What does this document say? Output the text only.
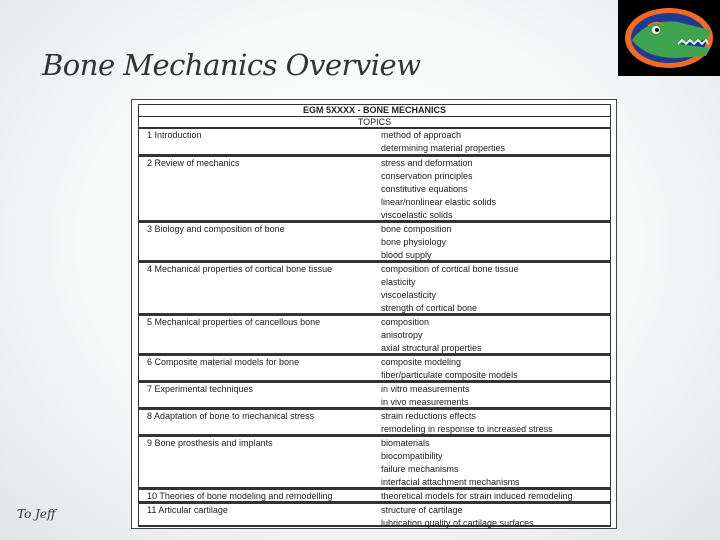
Bone Mechanics Overview
EGM 5XXXX - BONE MECHANICS
TOPICS
1 Introduction	method of approach
determining material properties
2 Review of mechanics	stress and deformation
conservation principles
constitutive equations
linear/nonlinear elastic solids
viscoelastic solids
3 Biology and composition of bone	bone composition
bone physiology
blood supply
4 Mechanical properties of cortical bone tissue	composition of cortical bone tissue
elasticity
viscoelasticity
strength of cortical bone
5 Mechanical properties of cancellous bone	composition
anisotropy
axial structural properties
6 Composite material models for bone	composite modeling
fiber/particulate composite models
7 Experimental techniques	in vitro measurements
in vivo measurements
8 Adaptation of bone to mechanical stress	strain reductions effects
remodeling in response to increased stress
9 Bone prosthesis and implants	biomaterials
biocompatibility
failure mechanisms
interfacial attachment mechanisms
10 Theories of bone modeling and remodelling	theoretical models for strain induced remodeling
11 Articular cartilage	structure of cartilage
lubrication quality of cartilage surfaces
To Jeff
